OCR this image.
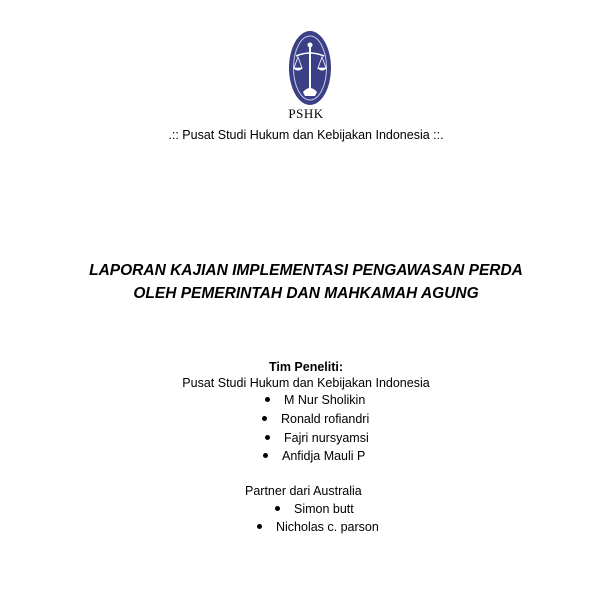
PSHK
.:: Pusat Studi Hukum dan Kebijakan Indonesia ::.
LAPORAN KAJIAN IMPLEMENTASI PENGAWASAN PERDA
OLEH PEMERINTAH DAN MAHKAMAH AGUNG
Tim Peneliti:
Pusat Studi Hukum dan Kebijakan Indonesia
M Nur Sholikin
Ronald rofiandri
Fajri nursyamsi
Anfidja Mauli P
Partner dari Australia
Simon butt
Nicholas c. parson
